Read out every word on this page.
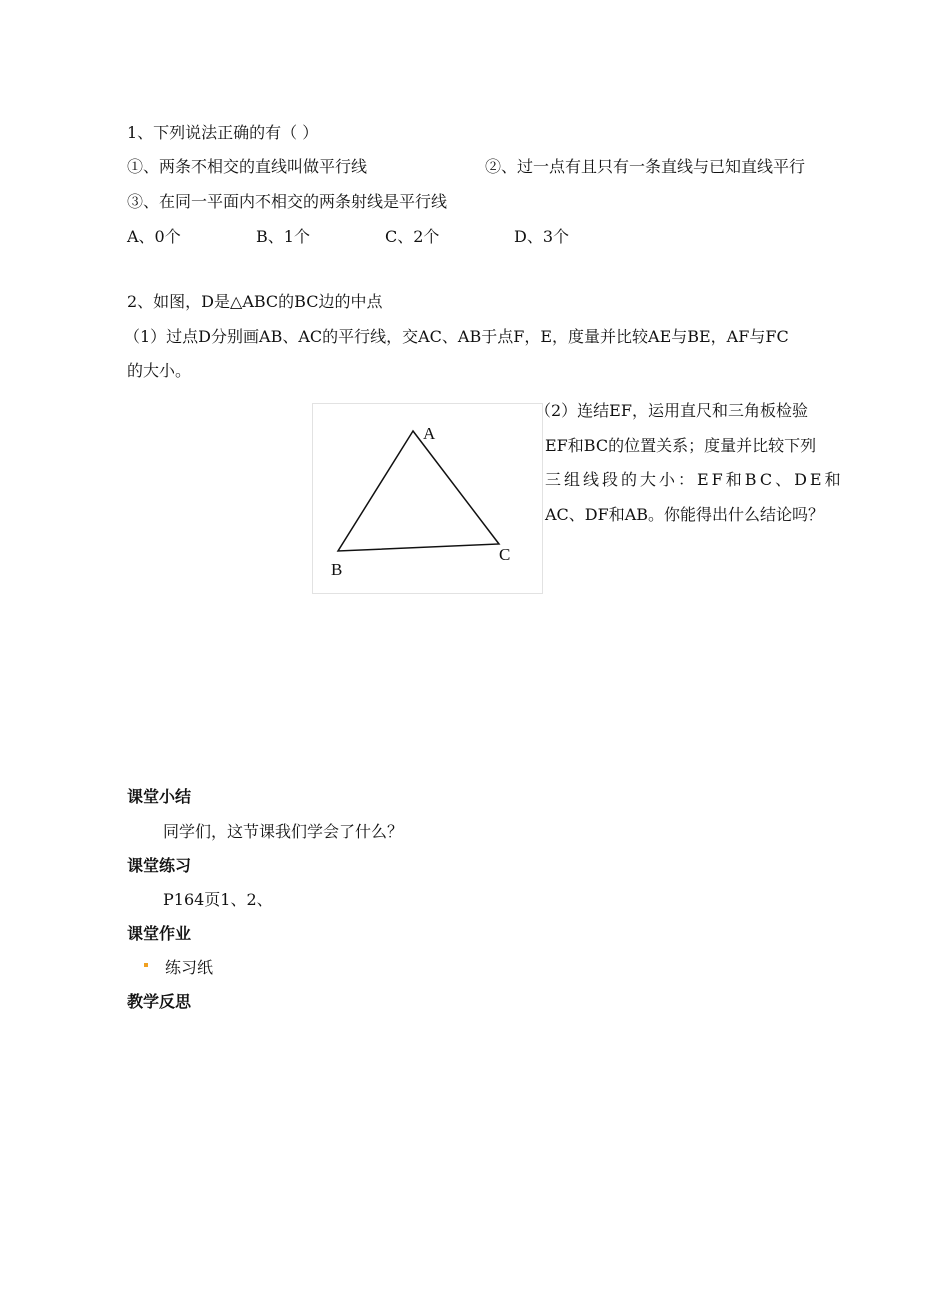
1、下列说法正确的有（ ）
①、两条不相交的直线叫做平行线	②、过一点有且只有一条直线与已知直线平行
③、在同一平面内不相交的两条射线是平行线
A、0个	B、1个	C、2个	D、3个
2、如图，D是△ABC的BC边的中点
（1）过点D分别画AB、AC的平行线，交AC、AB于点F，E，度量并比较AE与BE，AF与FC
的大小。
A
B
C
（2）连结EF，运用直尺和三角板检验
EF和BC的位置关系；度量并比较下列
三组线段的大小：EF和BC、DE和
AC、DF和AB。你能得出什么结论吗？
课堂小结
同学们，这节课我们学会了什么？
课堂练习
P164页1、2、
课堂作业
练习纸
教学反思
